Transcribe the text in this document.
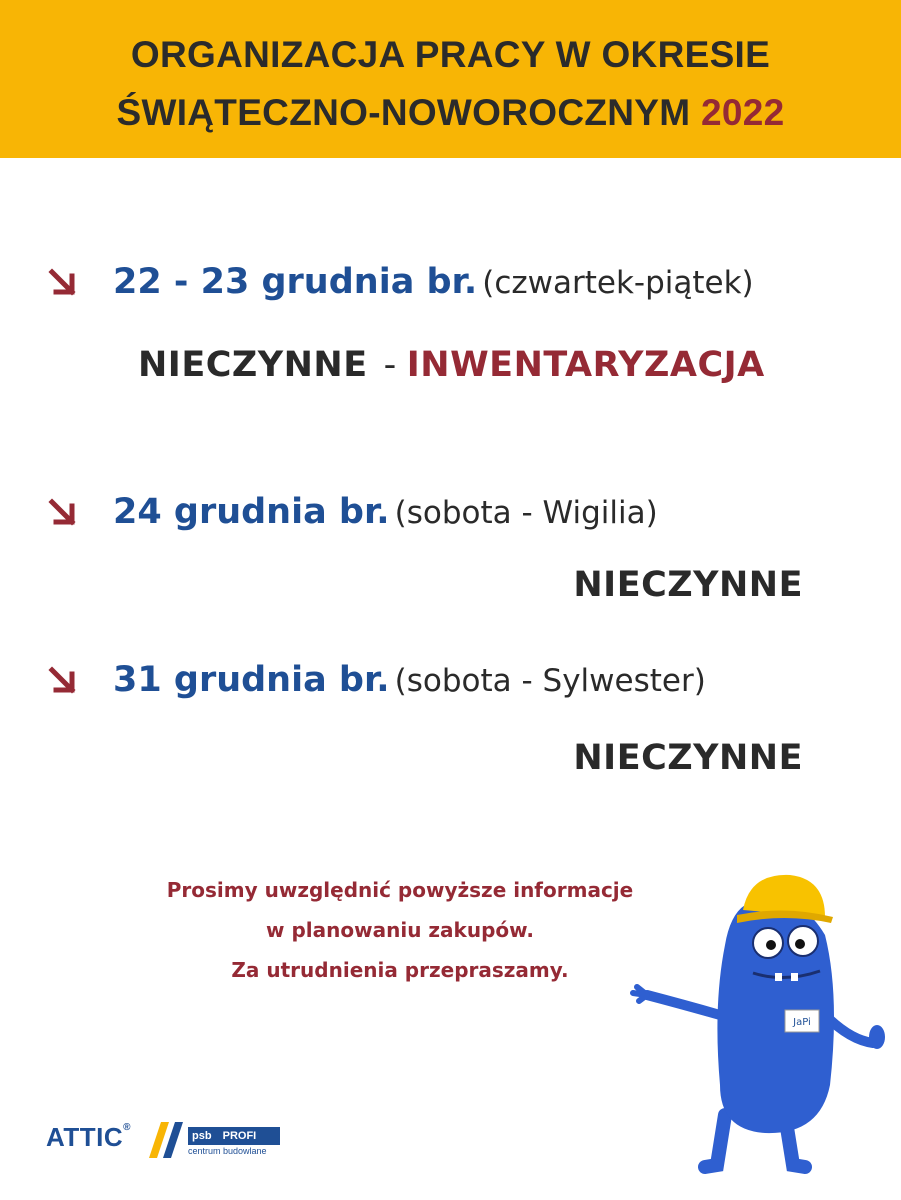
ORGANIZACJA PRACY W OKRESIE
ŚWIĄTECZNO-NOWOROCZNYM 2022
22 - 23 grudnia br. (czwartek-piątek)
NIECZYNNE - INWENTARYZACJA
24 grudnia br. (sobota - Wigilia)
NIECZYNNE
31 grudnia br. (sobota - Sylwester)
NIECZYNNE
Prosimy uwzględnić powyższe informacje
w planowaniu zakupów.
Za utrudnienia przepraszamy.
ATTIC®
psb PROFI
centrum budowlane
JaPi
